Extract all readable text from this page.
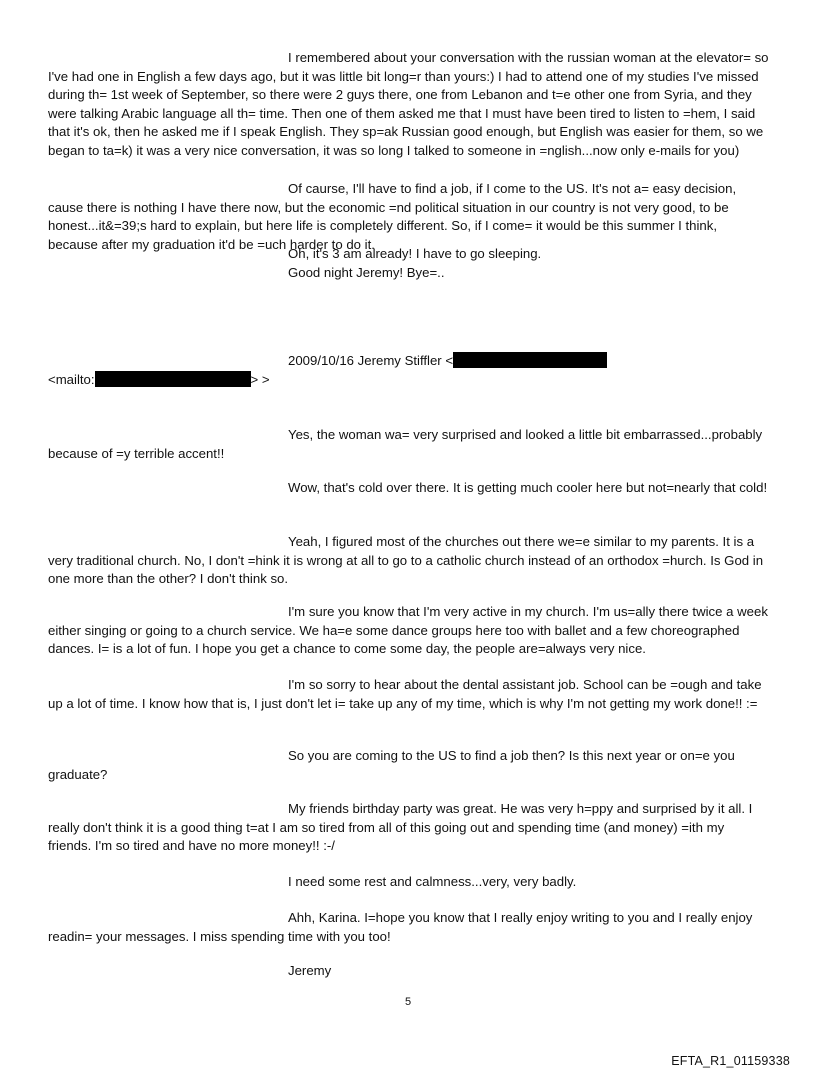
I remembered about your conversation with the russian woman at the elevator= so I've had one in English a few days ago, but it was little bit long=r than yours:) I had to attend one of my studies I've missed during th= 1st week of September, so there were 2 guys there, one from Lebanon and t=e other one from Syria, and they were talking Arabic language all th= time. Then one of them asked me that I must have been tired to listen to =hem, I said that it's ok, then he asked me if I speak English. They sp=ak Russian good enough, but English was easier for them, so we began to ta=k) it was a very nice conversation, it was so long I talked to someone in =nglish...now only e-mails for you)

Of caurse, I'll have to find a job, if I come to the US. It's not a= easy decision, cause there is nothing I have there now, but the economic =nd political situation in our country is not very good, to be honest...it&=39;s hard to explain, but here life is completely different. So, if I come= it would be this summer I think, because after my graduation it'd be =uch harder to do it.

Oh, it's 3 am already! I have to go sleeping.

Good night Jeremy! Bye=..

2009/10/16 Jeremy Stiffler <
<mailto:	> >

Yes, the woman wa= very surprised and looked a little bit embarrassed...probably because of =y terrible accent!!

Wow, that's cold over there. It is getting much cooler here but not=nearly that cold!

Yeah, I figured most of the churches out there we=e similar to my parents. It is a very traditional church. No, I don't =hink it is wrong at all to go to a catholic church instead of an orthodox =hurch. Is God in one more than the other? I don't think so.

I'm sure you know that I'm very active in my church. I'm us=ally there twice a week either singing or going to a church service. We ha=e some dance groups here too with ballet and a few choreographed dances. I= is a lot of fun. I hope you get a chance to come some day, the people are=always very nice.

I'm so sorry to hear about the dental assistant job. School can be =ough and take up a lot of time. I know how that is, I just don't let i= take up any of my time, which is why I'm not getting my work done!! :=

So you are coming to the US to find a job then? Is this next year or on=e you graduate?

My friends birthday party was great. He was very h=ppy and surprised by it all. I really don't think it is a good thing t=at I am so tired from all of this going out and spending time (and money) =ith my friends. I'm so tired and have no more money!! :-/

I need some rest and calmness...very, very badly.

Ahh, Karina. I=hope you know that I really enjoy writing to you and I really enjoy readin= your messages. I miss spending time with you too!

Jeremy

5
EFTA_R1_01159338
